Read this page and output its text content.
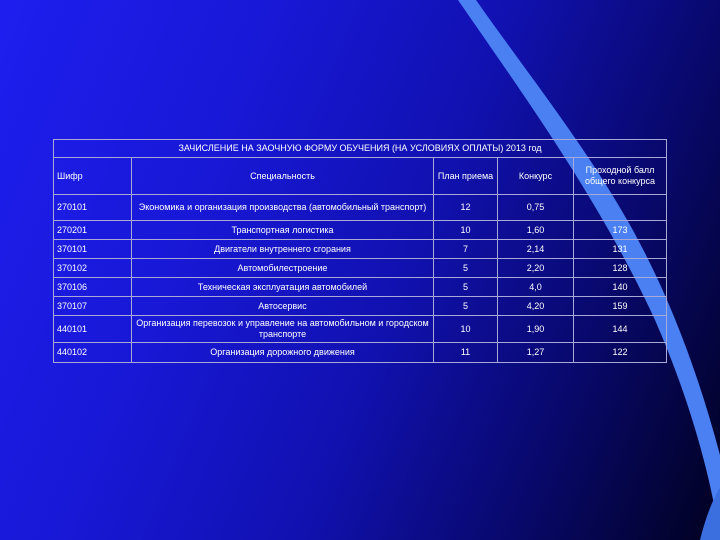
ЗАЧИСЛЕНИЕ НА ЗАОЧНУЮ ФОРМУ ОБУЧЕНИЯ (НА УСЛОВИЯХ ОПЛАТЫ) 2013 год				
Шифр	Специальность	План приема	Конкурс	Проходной балл общего конкурса
270101	Экономика и организация производства (автомобильный транспорт)	12	0,75	
270201	Транспортная логистика	10	1,60	173
370101	Двигатели внутреннего сгорания	7	2,14	131
370102	Автомобилестроение	5	2,20	128
370106	Техническая эксплуатация автомобилей	5	4,0	140
370107	Автосервис	5	4,20	159
440101	Организация перевозок и управление на автомобильном и городском транспорте	10	1,90	144
440102	Организация дорожного движения	11	1,27	122
